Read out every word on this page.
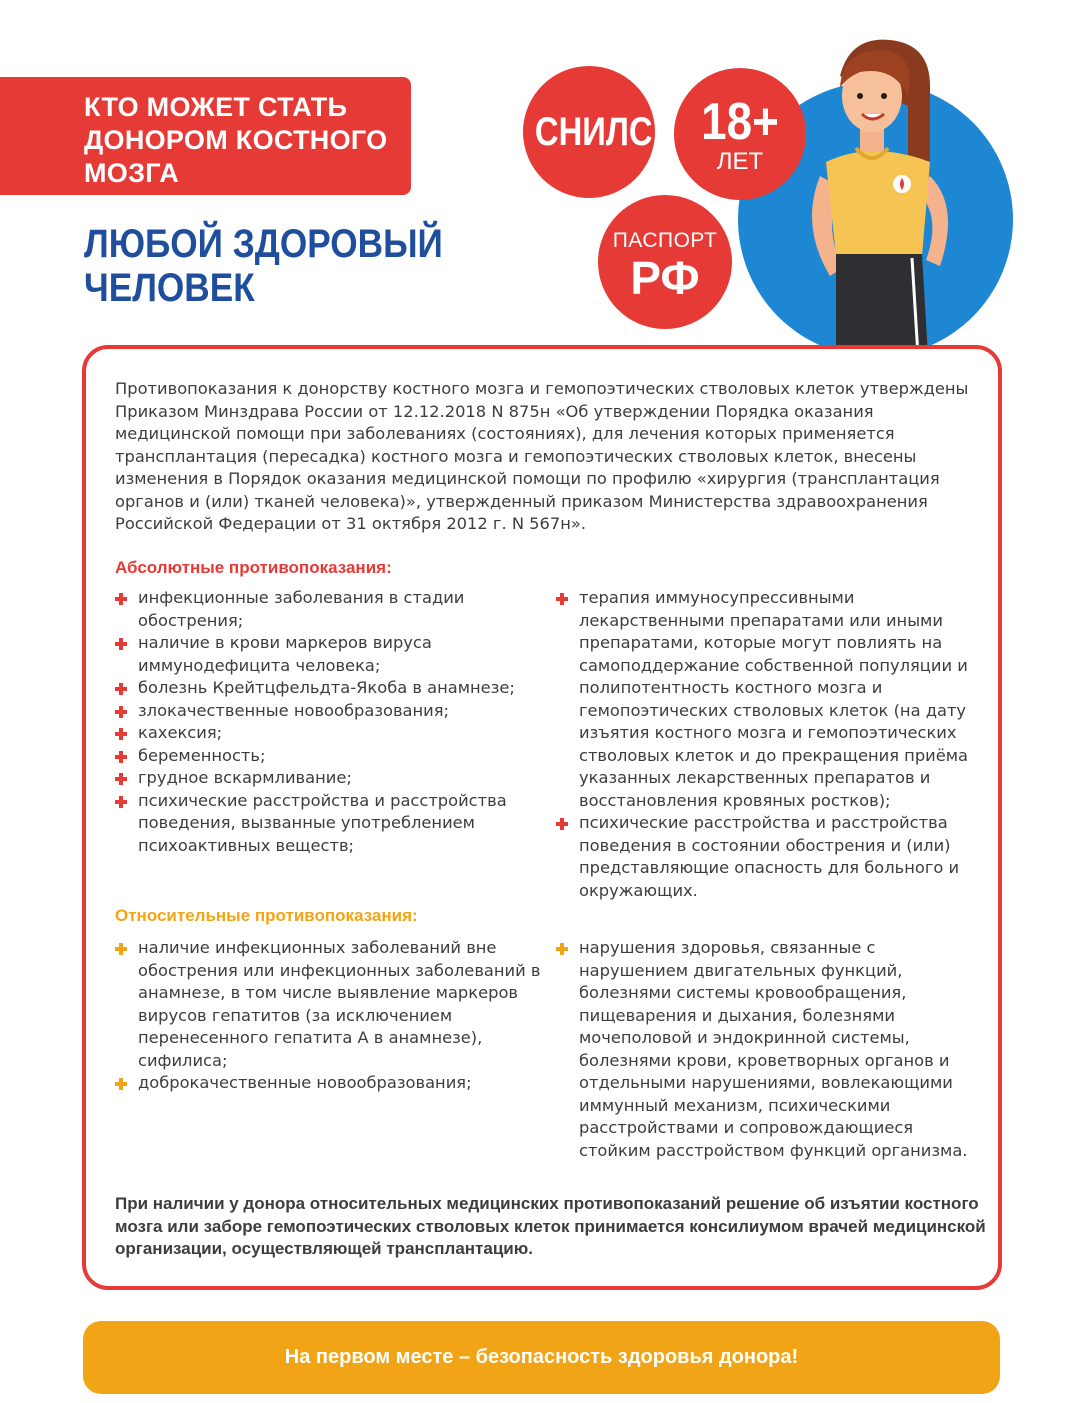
КТО МОЖЕТ СТАТЬ
ДОНОРОМ КОСТНОГО
МОЗГА
ЛЮБОЙ ЗДОРОВЫЙ
ЧЕЛОВЕК
СНИЛС 18+
ЛЕТ
ПАСПОРТ
РФ

Противопоказания к донорству костного мозга и гемопоэтических стволовых клеток утверждены Приказом Минздрава России от 12.12.2018 N 875н «Об утверждении Порядка оказания медицинской помощи при заболеваниях (состояниях), для лечения которых применяется трансплантация (пересадка) костного мозга и гемопоэтических стволовых клеток, внесены изменения в Порядок оказания медицинской помощи по профилю «хирургия (трансплантация органов и (или) тканей человека)», утвержденный приказом Министерства здравоохранения Российской Федерации от 31 октября 2012 г. N 567н».

Абсолютные противопоказания:
инфекционные заболевания в стадии обострения;
наличие в крови маркеров вируса иммунодефицита человека;
болезнь Крейтцфельдта-Якоба в анамнезе;
злокачественные новообразования;
кахексия;
беременность;
грудное вскармливание;
психические расстройства и расстройства поведения, вызванные употреблением психоактивных веществ;
терапия иммуносупрессивными лекарственными препаратами или иными препаратами, которые могут повлиять на самоподдержание собственной популяции и полипотентность костного мозга и гемопоэтических стволовых клеток (на дату изъятия костного мозга и гемопоэтических стволовых клеток и до прекращения приёма указанных лекарственных препаратов и восстановления кровяных ростков);
психические расстройства и расстройства поведения в состоянии обострения и (или) представляющие опасность для больного и окружающих.
Относительные противопоказания:
наличие инфекционных заболеваний вне обострения или инфекционных заболеваний в анамнезе, в том числе выявление маркеров вирусов гепатитов (за исключением перенесенного гепатита А в анамнезе), сифилиса;
доброкачественные новообразования;
нарушения здоровья, связанные с нарушением двигательных функций, болезнями системы кровообращения, пищеварения и дыхания, болезнями мочеполовой и эндокринной системы, болезнями крови, кроветворных органов и отдельными нарушениями, вовлекающими иммунный механизм, психическими расстройствами и сопровождающиеся стойким расстройством функций организма.

При наличии у донора относительных медицинских противопоказаний решение об изъятии костного мозга или заборе гемопоэтических стволовых клеток принимается консилиумом врачей медицинской организации, осуществляющей трансплантацию.

На первом месте – безопасность здоровья донора!
